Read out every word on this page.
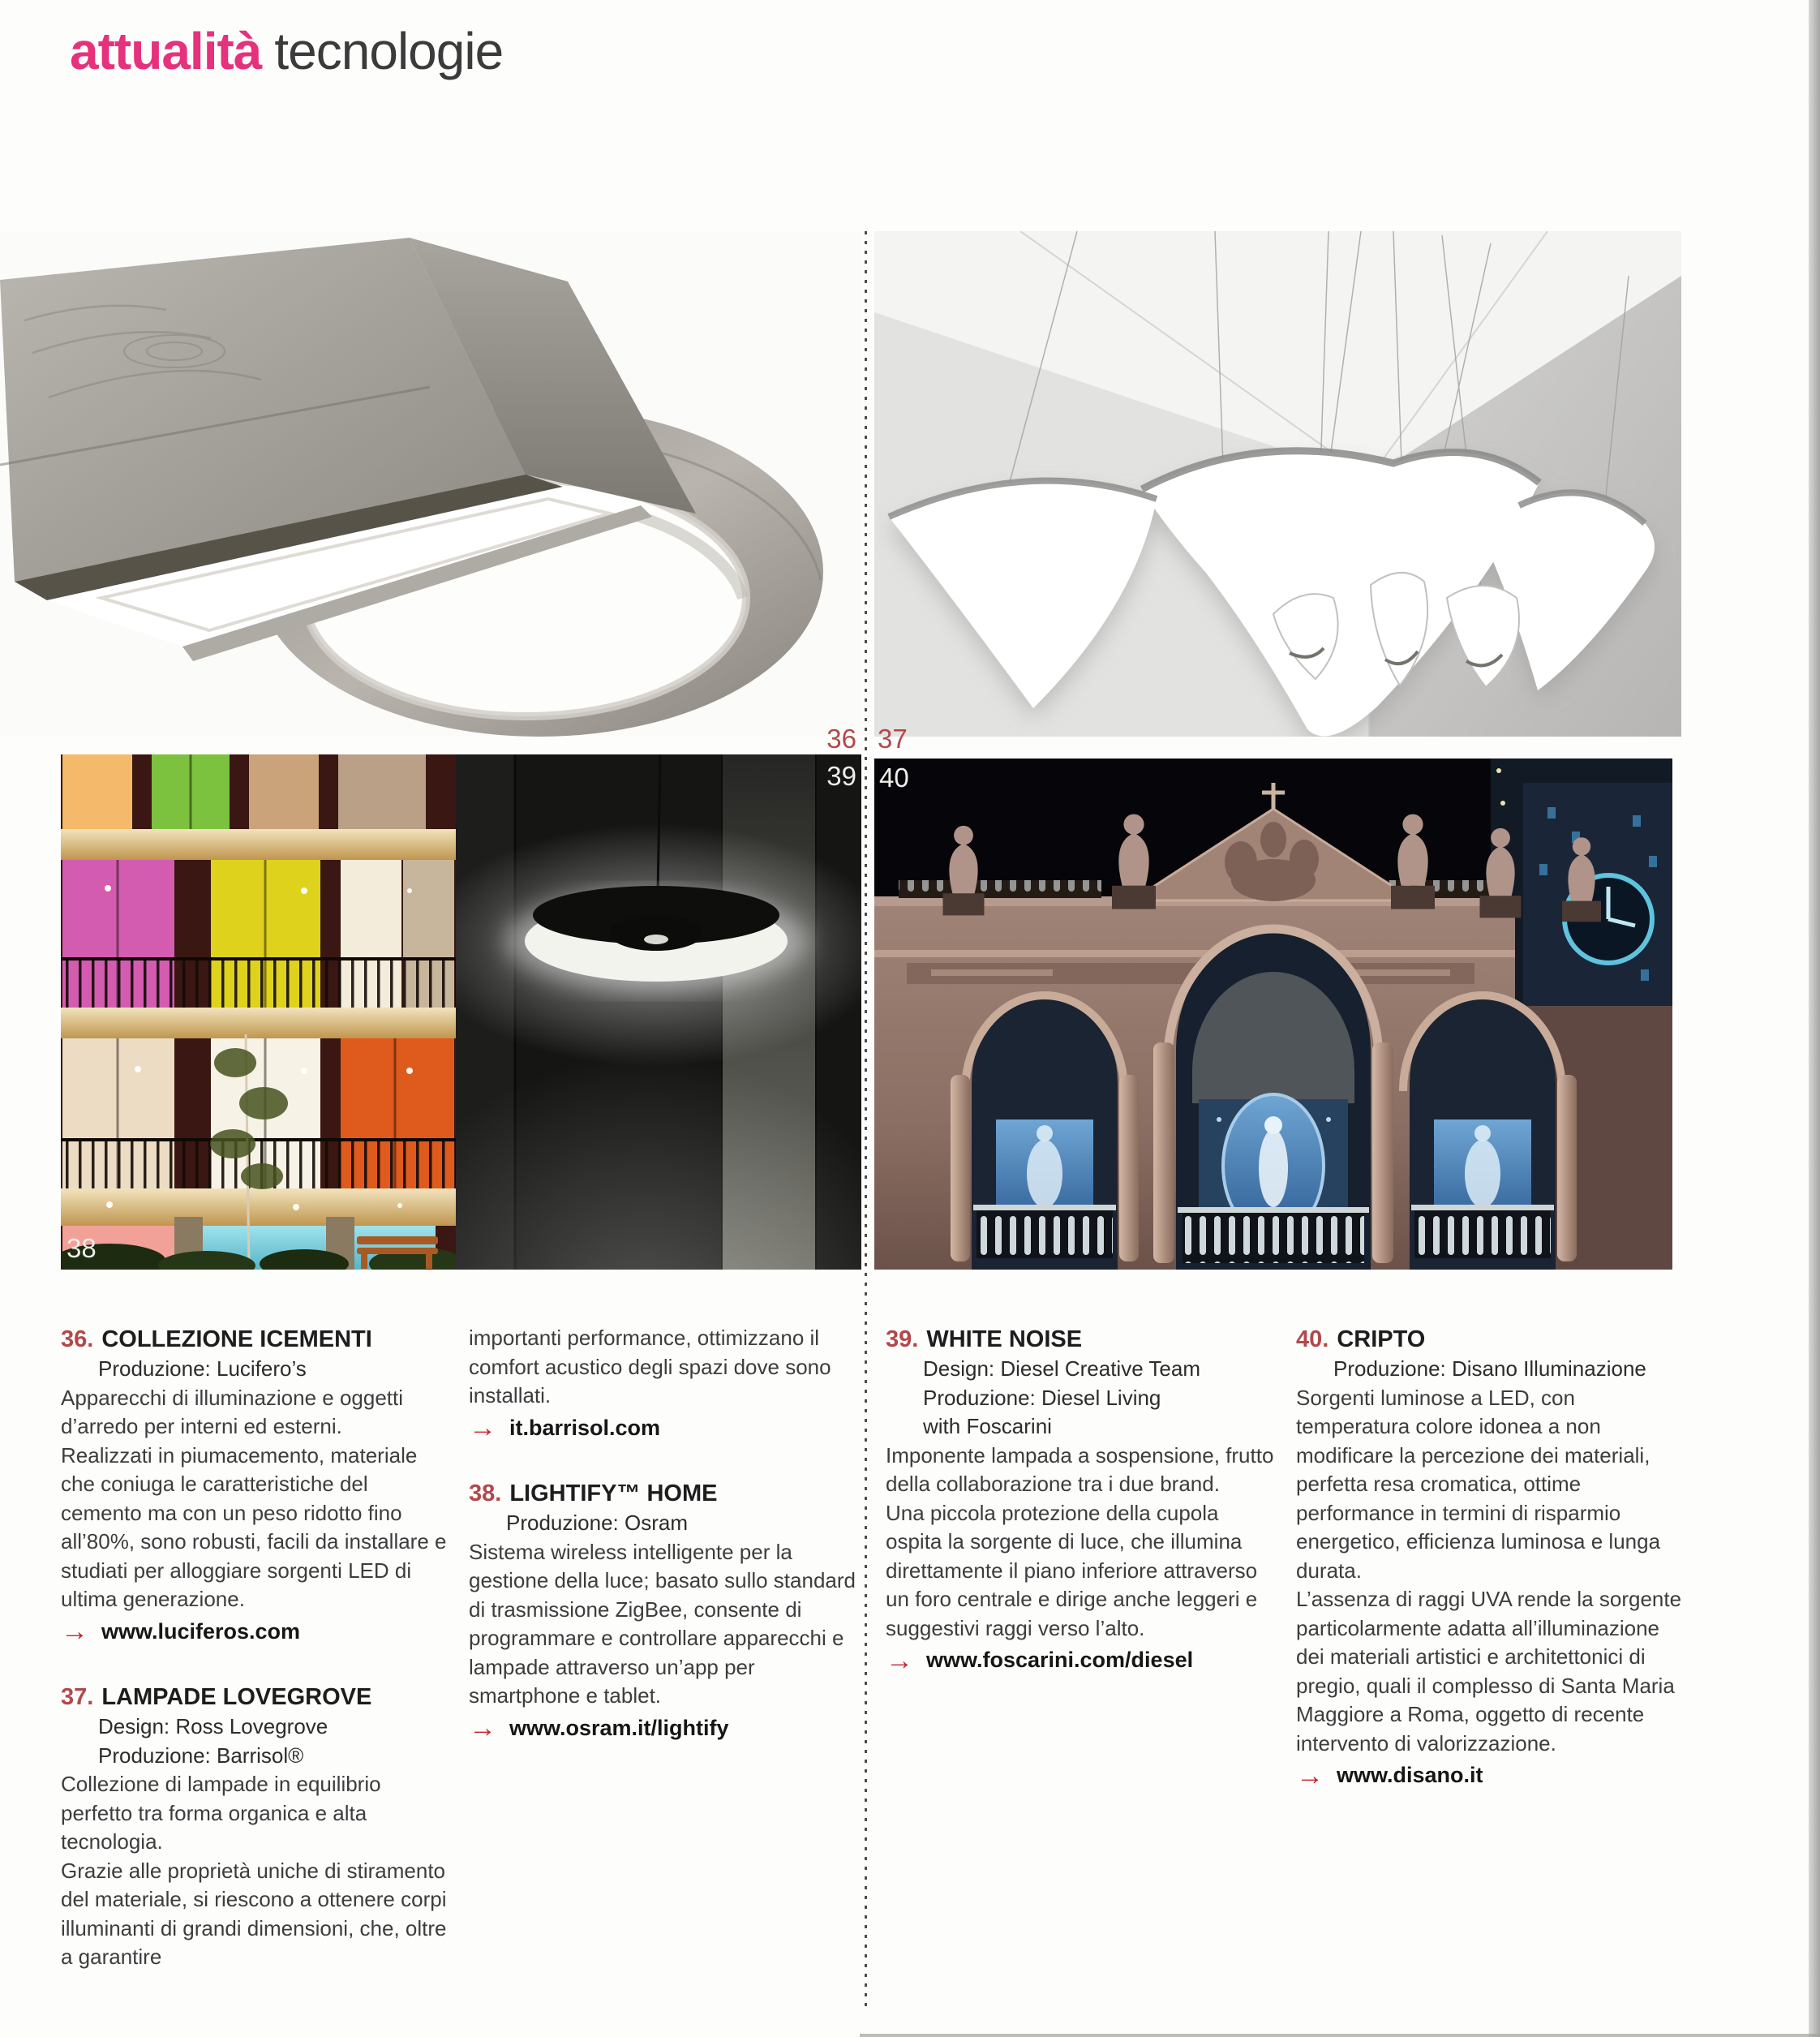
attualità tecnologie
36 37
39 40
38
36. COLLEZIONE ICEMENTI
Produzione: Lucifero’s

Apparecchi di illuminazione e oggetti d’arredo per interni ed esterni.

Realizzati in piumacemento, materiale che coniuga le caratteristiche del cemento ma con un peso ridotto fino all’80%, sono robusti, facili da installare e studiati per alloggiare sorgenti LED di ultima generazione.

→ www.luciferos.com
37. LAMPADE LOVEGROVE
Design: Ross Lovegrove
Produzione: Barrisol®

Collezione di lampade in equilibrio perfetto tra forma organica e alta tecnologia.

Grazie alle proprietà uniche di stiramento del materiale, si riescono a ottenere corpi illuminanti di grandi dimensioni, che, oltre a garantire

importanti performance, ottimizzano il comfort acustico degli spazi dove sono installati.

→ it.barrisol.com
38. LIGHTIFY™ HOME
Produzione: Osram

Sistema wireless intelligente per la gestione della luce; basato sullo standard di trasmissione ZigBee, consente di programmare e controllare apparecchi e lampade attraverso un’app per smartphone e tablet.

→ www.osram.it/lightify
39. WHITE NOISE
Design: Diesel Creative Team
Produzione: Diesel Living
with Foscarini

Imponente lampada a sospensione, frutto della collaborazione tra i due brand.

Una piccola protezione della cupola ospita la sorgente di luce, che illumina direttamente il piano inferiore attraverso un foro centrale e dirige anche leggeri e suggestivi raggi verso l’alto.

→ www.foscarini.com/diesel
40. CRIPTO
Produzione: Disano Illuminazione

Sorgenti luminose a LED, con temperatura colore idonea a non modificare la percezione dei materiali, perfetta resa cromatica, ottime performance in termini di risparmio energetico, efficienza luminosa e lunga durata.

L’assenza di raggi UVA rende la sorgente particolarmente adatta all’illuminazione dei materiali artistici e architettonici di pregio, quali il complesso di Santa Maria Maggiore a Roma, oggetto di recente intervento di valorizzazione.

→ www.disano.it
